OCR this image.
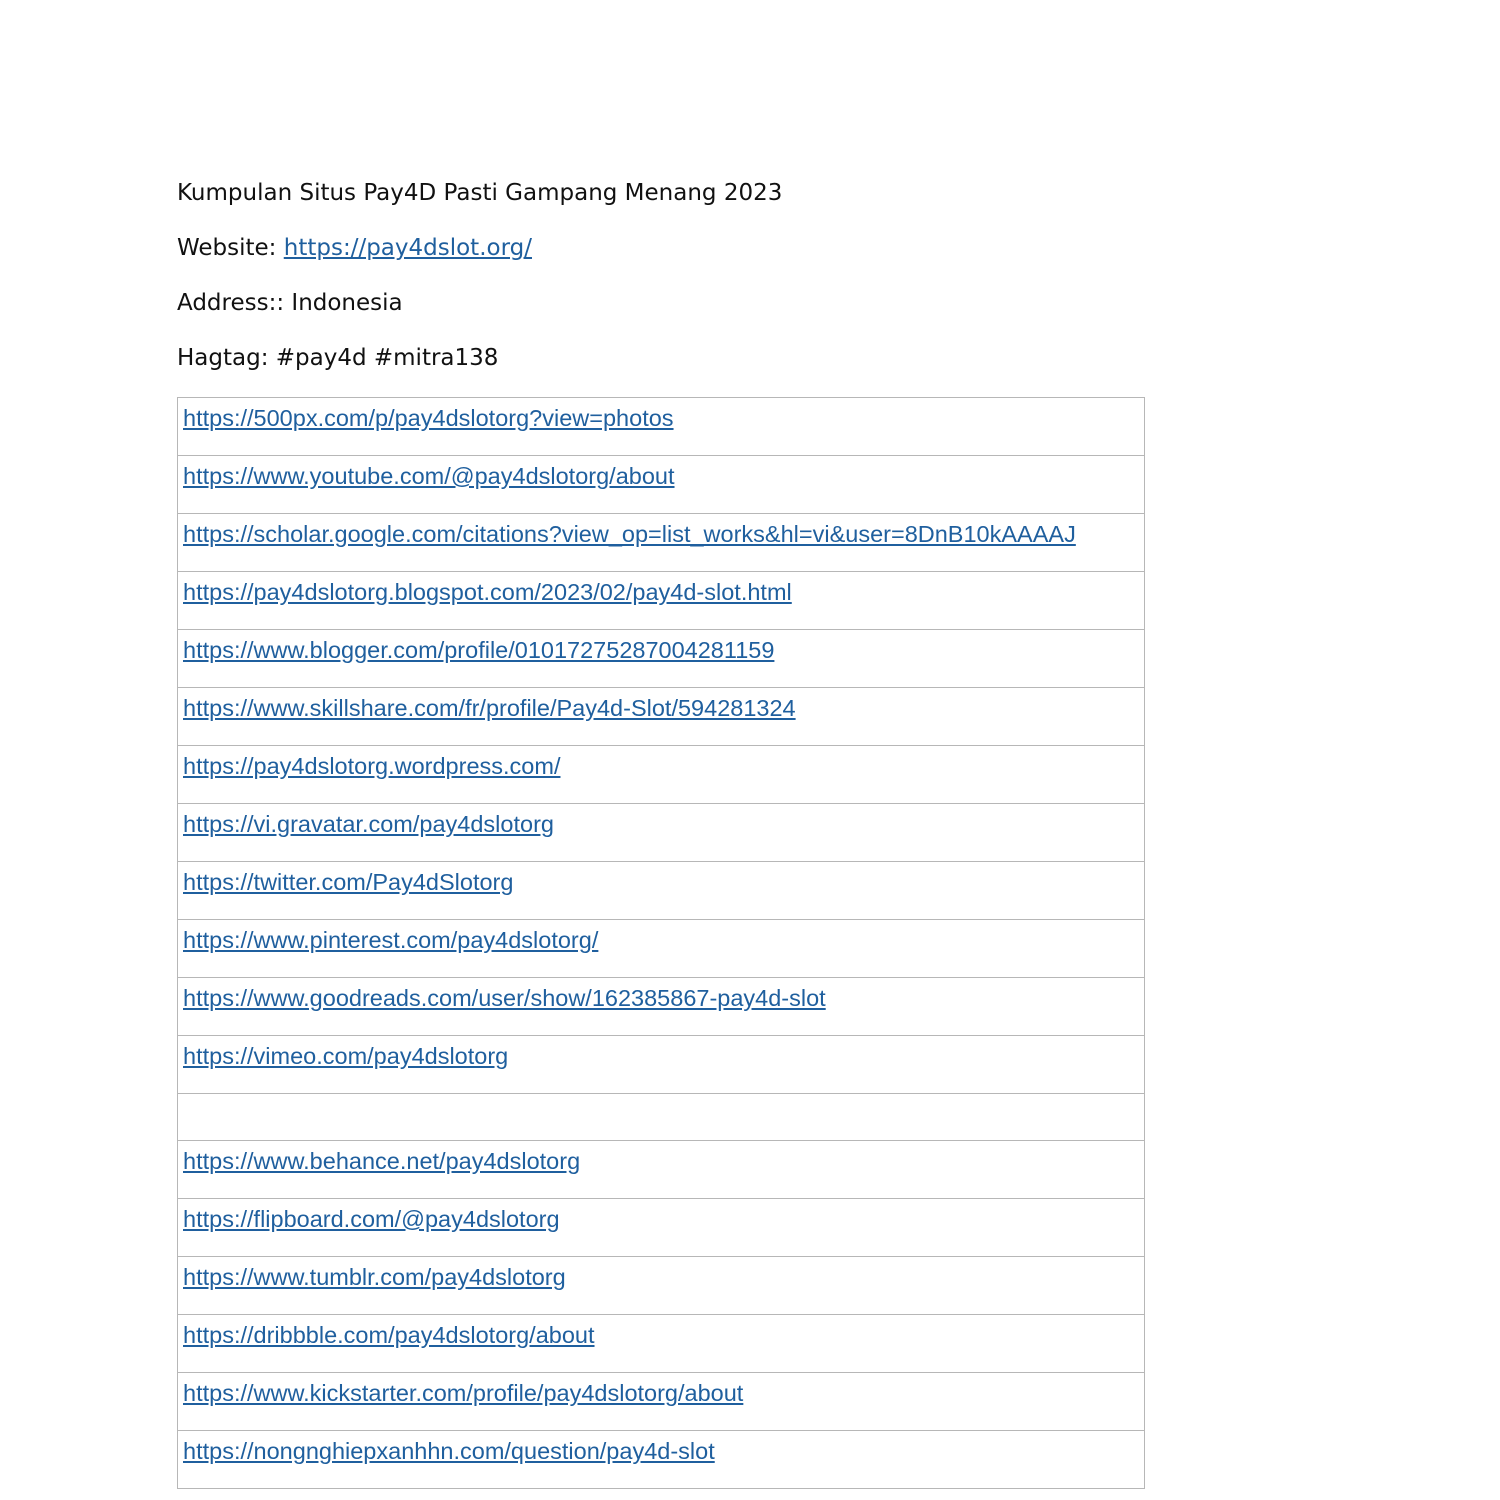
Kumpulan Situs Pay4D Pasti Gampang Menang 2023
Website: https://pay4dslot.org/
Address:: Indonesia
Hagtag: #pay4d #mitra138
https://500px.com/p/pay4dslotorg?view=photos
https://www.youtube.com/@pay4dslotorg/about
https://scholar.google.com/citations?view_op=list_works&hl=vi&user=8DnB10kAAAAJ
https://pay4dslotorg.blogspot.com/2023/02/pay4d-slot.html
https://www.blogger.com/profile/01017275287004281159
https://www.skillshare.com/fr/profile/Pay4d-Slot/594281324
https://pay4dslotorg.wordpress.com/
https://vi.gravatar.com/pay4dslotorg
https://twitter.com/Pay4dSlotorg
https://www.pinterest.com/pay4dslotorg/
https://www.goodreads.com/user/show/162385867-pay4d-slot
https://vimeo.com/pay4dslotorg

https://www.behance.net/pay4dslotorg
https://flipboard.com/@pay4dslotorg
https://www.tumblr.com/pay4dslotorg
https://dribbble.com/pay4dslotorg/about
https://www.kickstarter.com/profile/pay4dslotorg/about
https://nongnghiepxanhhn.com/question/pay4d-slot
